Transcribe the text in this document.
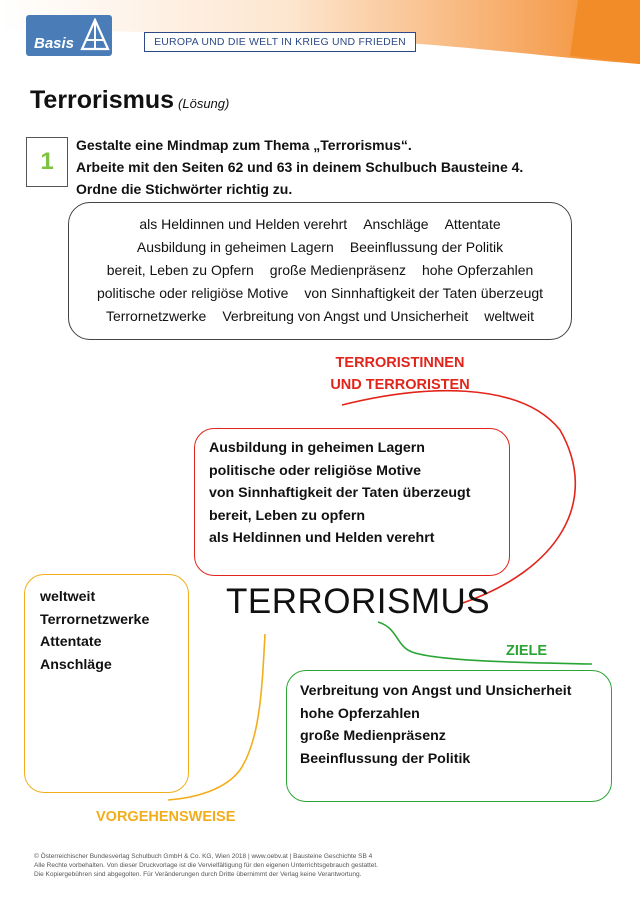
Basis	EUROPA UND DIE WELT IN KRIEG UND FRIEDEN
Terrorismus (Lösung)
1
Gestalte eine Mindmap zum Thema „Terrorismus“.
Arbeite mit den Seiten 62 und 63 in deinem Schulbuch Bausteine 4.
Ordne die Stichwörter richtig zu.
als Heldinnen und Helden verehrt Anschläge Attentate
Ausbildung in geheimen Lagern Beeinflussung der Politik
bereit, Leben zu Opfern große Medienpräsenz hohe Opferzahlen
politische oder religiöse Motive von Sinnhaftigkeit der Taten überzeugt
Terrornetzwerke Verbreitung von Angst und Unsicherheit weltweit
TERRORISTINNEN
UND TERRORISTEN
Ausbildung in geheimen Lagern
politische oder religiöse Motive
von Sinnhaftigkeit der Taten überzeugt
bereit, Leben zu opfern
als Heldinnen und Helden verehrt
TERRORISMUS
weltweit
Terrornetzwerke
Attentate
Anschläge
VORGEHENSWEISE
ZIELE
Verbreitung von Angst und Unsicherheit
hohe Opferzahlen
große Medienpräsenz
Beeinflussung der Politik
© Österreichischer Bundesverlag Schulbuch GmbH & Co. KG, Wien 2018 | www.oebv.at | Bausteine Geschichte SB 4
Alle Rechte vorbehalten. Von dieser Druckvorlage ist die Vervielfältigung für den eigenen Unterrichtsgebrauch gestattet.
Die Kopiergebühren sind abgegolten. Für Veränderungen durch Dritte übernimmt der Verlag keine Verantwortung.
